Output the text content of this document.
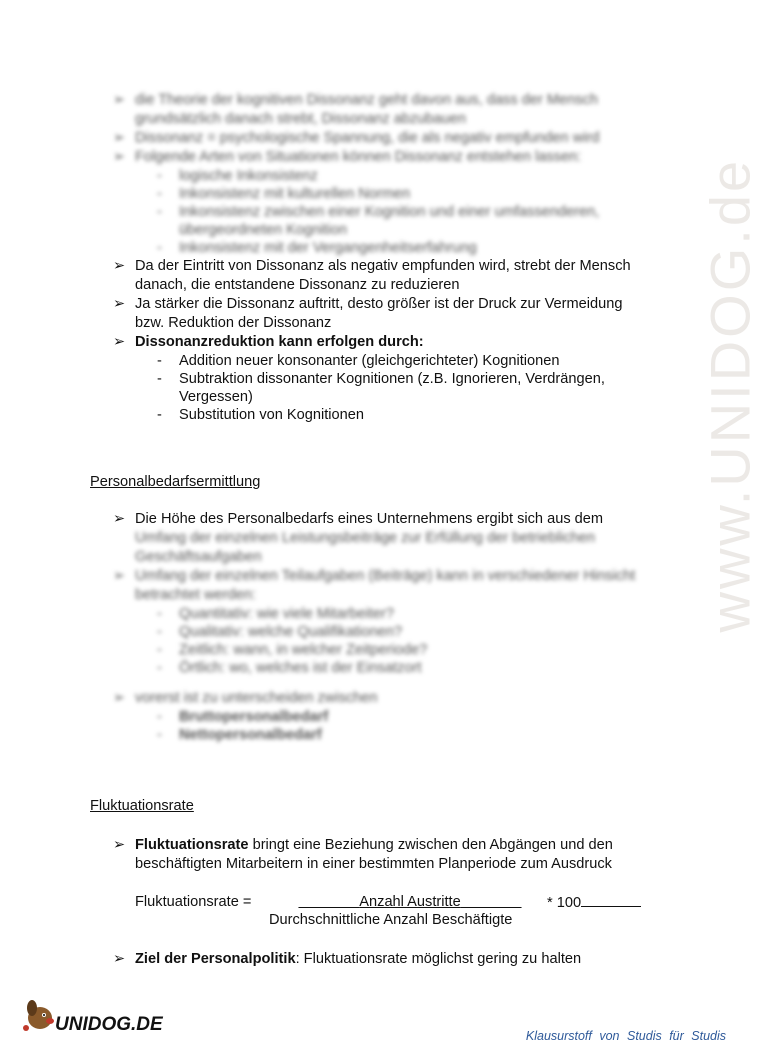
www.UNIDOG.de
➢ die Theorie der kognitiven Dissonanz geht davon aus, dass der Mensch
grundsätzlich danach strebt, Dissonanz abzubauen
➢ Dissonanz = psychologische Spannung, die als negativ empfunden wird
➢ Folgende Arten von Situationen können Dissonanz entstehen lassen:
- logische Inkonsistenz
- Inkonsistenz mit kulturellen Normen
- Inkonsistenz zwischen einer Kognition und einer umfassenderen,
übergeordneten Kognition
- Inkonsistenz mit der Vergangenheitserfahrung
➢ Da der Eintritt von Dissonanz als negativ empfunden wird, strebt der Mensch
danach, die entstandene Dissonanz zu reduzieren
➢ Ja stärker die Dissonanz auftritt, desto größer ist der Druck zur Vermeidung
bzw. Reduktion der Dissonanz
➢ Dissonanzreduktion kann erfolgen durch:
- Addition neuer konsonanter (gleichgerichteter) Kognitionen
- Subtraktion dissonanter Kognitionen (z.B. Ignorieren, Verdrängen,
Vergessen)
- Substitution von Kognitionen
Personalbedarfsermittlung
➢ Die Höhe des Personalbedarfs eines Unternehmens ergibt sich aus dem
Umfang der einzelnen Leistungsbeiträge zur Erfüllung der betrieblichen
Geschäftsaufgaben
➢ Umfang der einzelnen Teilaufgaben (Beiträge) kann in verschiedener Hinsicht
betrachtet werden:
- Quantitativ: wie viele Mitarbeiter?
- Qualitativ: welche Qualifikationen?
- Zeitlich: wann, in welcher Zeitperiode?
- Örtlich: wo, welches ist der Einsatzort
➢ vorerst ist zu unterscheiden zwischen
- Bruttopersonalbedarf
- Nettopersonalbedarf
Fluktuationsrate
➢ Fluktuationsrate bringt eine Beziehung zwischen den Abgängen und den
beschäftigten Mitarbeitern in einer bestimmten Planperiode zum Ausdruck
Fluktuationsrate =	Anzahl Austritte
Durchschnittliche Anzahl Beschäftigte
* 100
➢ Ziel der Personalpolitik: Fluktuationsrate möglichst gering zu halten
UNIDOG.DE
Klausurstoff von Studis für Studis
